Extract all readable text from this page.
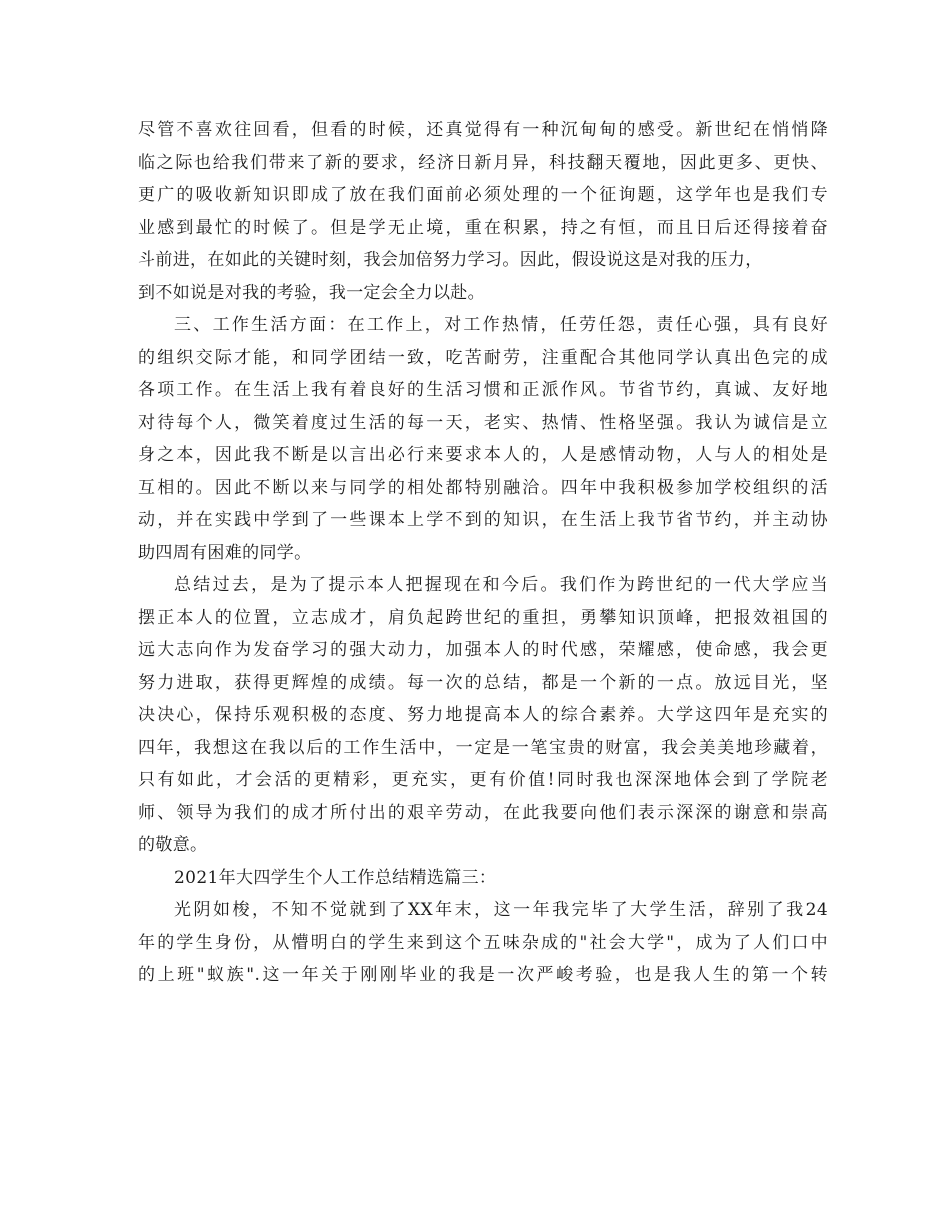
尽管不喜欢往回看，但看的时候，还真觉得有一种沉甸甸的感受。新世纪在悄悄降
临之际也给我们带来了新的要求，经济日新月异，科技翻天覆地，因此更多、更快、
更广的吸收新知识即成了放在我们面前必须处理的一个征询题，这学年也是我们专
业感到最忙的时候了。但是学无止境，重在积累，持之有恒，而且日后还得接着奋
斗前进，在如此的关键时刻，我会加倍努力学习。因此，假设说这是对我的压力，
到不如说是对我的考验，我一定会全力以赴。
三、工作生活方面：在工作上，对工作热情，任劳任怨，责任心强，具有良好
的组织交际才能，和同学团结一致，吃苦耐劳，注重配合其他同学认真出色完的成
各项工作。在生活上我有着良好的生活习惯和正派作风。节省节约，真诚、友好地
对待每个人，微笑着度过生活的每一天，老实、热情、性格坚强。我认为诚信是立
身之本，因此我不断是以言出必行来要求本人的，人是感情动物，人与人的相处是
互相的。因此不断以来与同学的相处都特别融洽。四年中我积极参加学校组织的活
动，并在实践中学到了一些课本上学不到的知识，在生活上我节省节约，并主动协
助四周有困难的同学。
总结过去，是为了提示本人把握现在和今后。我们作为跨世纪的一代大学应当
摆正本人的位置，立志成才，肩负起跨世纪的重担，勇攀知识顶峰，把报效祖国的
远大志向作为发奋学习的强大动力，加强本人的时代感，荣耀感，使命感，我会更
努力进取，获得更辉煌的成绩。每一次的总结，都是一个新的一点。放远目光，坚
决决心，保持乐观积极的态度、努力地提高本人的综合素养。大学这四年是充实的
四年，我想这在我以后的工作生活中，一定是一笔宝贵的财富，我会美美地珍藏着，
只有如此，才会活的更精彩，更充实，更有价值!同时我也深深地体会到了学院老
师、领导为我们的成才所付出的艰辛劳动，在此我要向他们表示深深的谢意和崇高
的敬意。
2021年大四学生个人工作总结精选篇三：
光阴如梭，不知不觉就到了XX年末，这一年我完毕了大学生活，辞别了我24
年的学生身份，从懵明白的学生来到这个五味杂成的"社会大学"，成为了人们口中
的上班"蚁族".这一年关于刚刚毕业的我是一次严峻考验，也是我人生的第一个转
